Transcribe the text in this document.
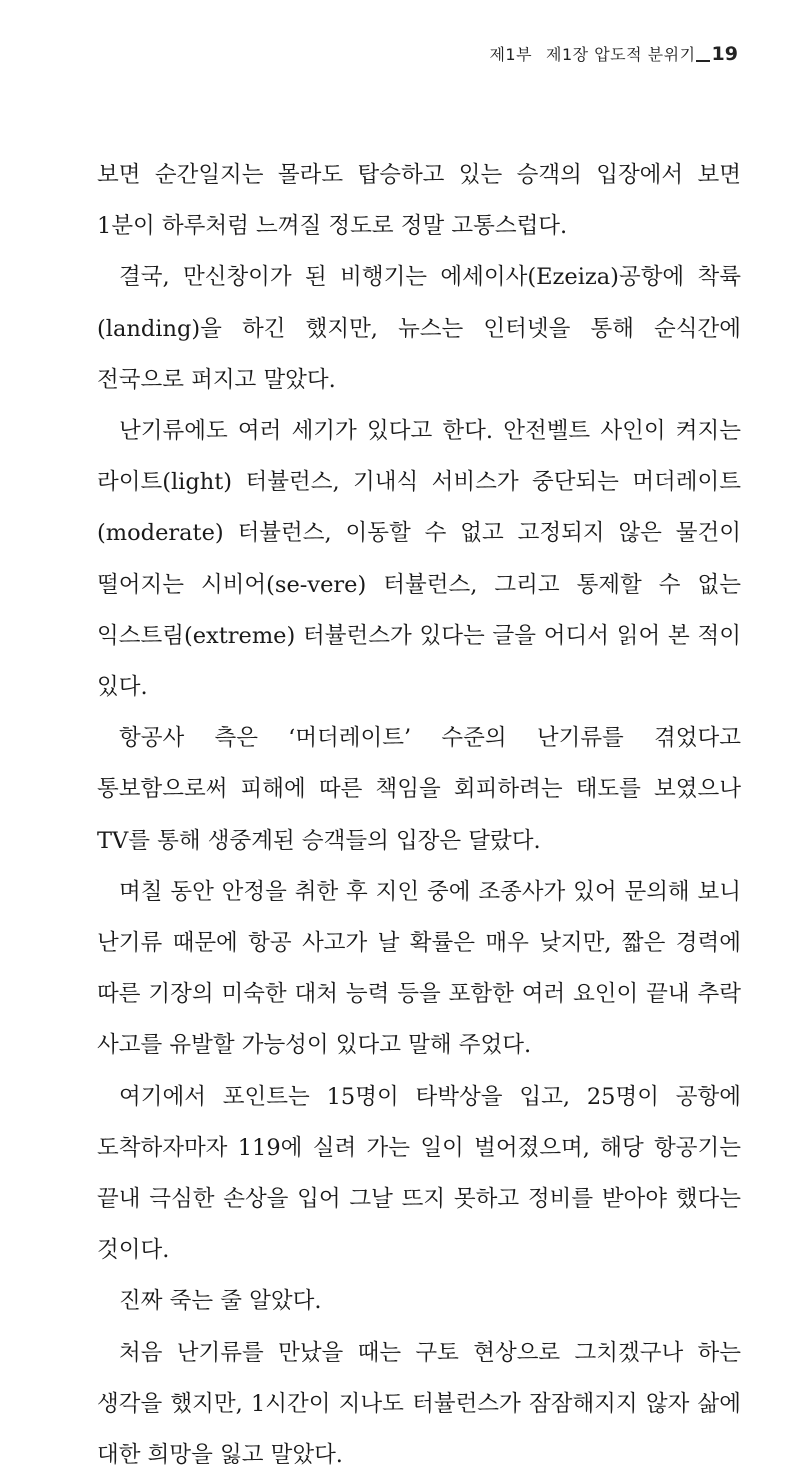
제1부 제1장 압도적 분위기 19

보면 순간일지는 몰라도 탑승하고 있는 승객의 입장에서 보면 1분이 하루처럼 느껴질 정도로 정말 고통스럽다.

결국, 만신창이가 된 비행기는 에세이사(Ezeiza)공항에 착륙(landing)을 하긴 했지만, 뉴스는 인터넷을 통해 순식간에 전국으로 퍼지고 말았다.

난기류에도 여러 세기가 있다고 한다. 안전벨트 사인이 켜지는 라이트(light) 터뷸런스, 기내식 서비스가 중단되는 머더레이트(moderate) 터뷸런스, 이동할 수 없고 고정되지 않은 물건이 떨어지는 시비어(se-vere) 터뷸런스, 그리고 통제할 수 없는 익스트림(extreme) 터뷸런스가 있다는 글을 어디서 읽어 본 적이 있다.

항공사 측은 ‘머더레이트’ 수준의 난기류를 겪었다고 통보함으로써 피해에 따른 책임을 회피하려는 태도를 보였으나 TV를 통해 생중계된 승객들의 입장은 달랐다.

며칠 동안 안정을 취한 후 지인 중에 조종사가 있어 문의해 보니 난기류 때문에 항공 사고가 날 확률은 매우 낮지만, 짧은 경력에 따른 기장의 미숙한 대처 능력 등을 포함한 여러 요인이 끝내 추락 사고를 유발할 가능성이 있다고 말해 주었다.

여기에서 포인트는 15명이 타박상을 입고, 25명이 공항에 도착하자마자 119에 실려 가는 일이 벌어졌으며, 해당 항공기는 끝내 극심한 손상을 입어 그날 뜨지 못하고 정비를 받아야 했다는 것이다.

진짜 죽는 줄 알았다.

처음 난기류를 만났을 때는 구토 현상으로 그치겠구나 하는 생각을 했지만, 1시간이 지나도 터뷸런스가 잠잠해지지 않자 삶에 대한 희망을 잃고 말았다.
